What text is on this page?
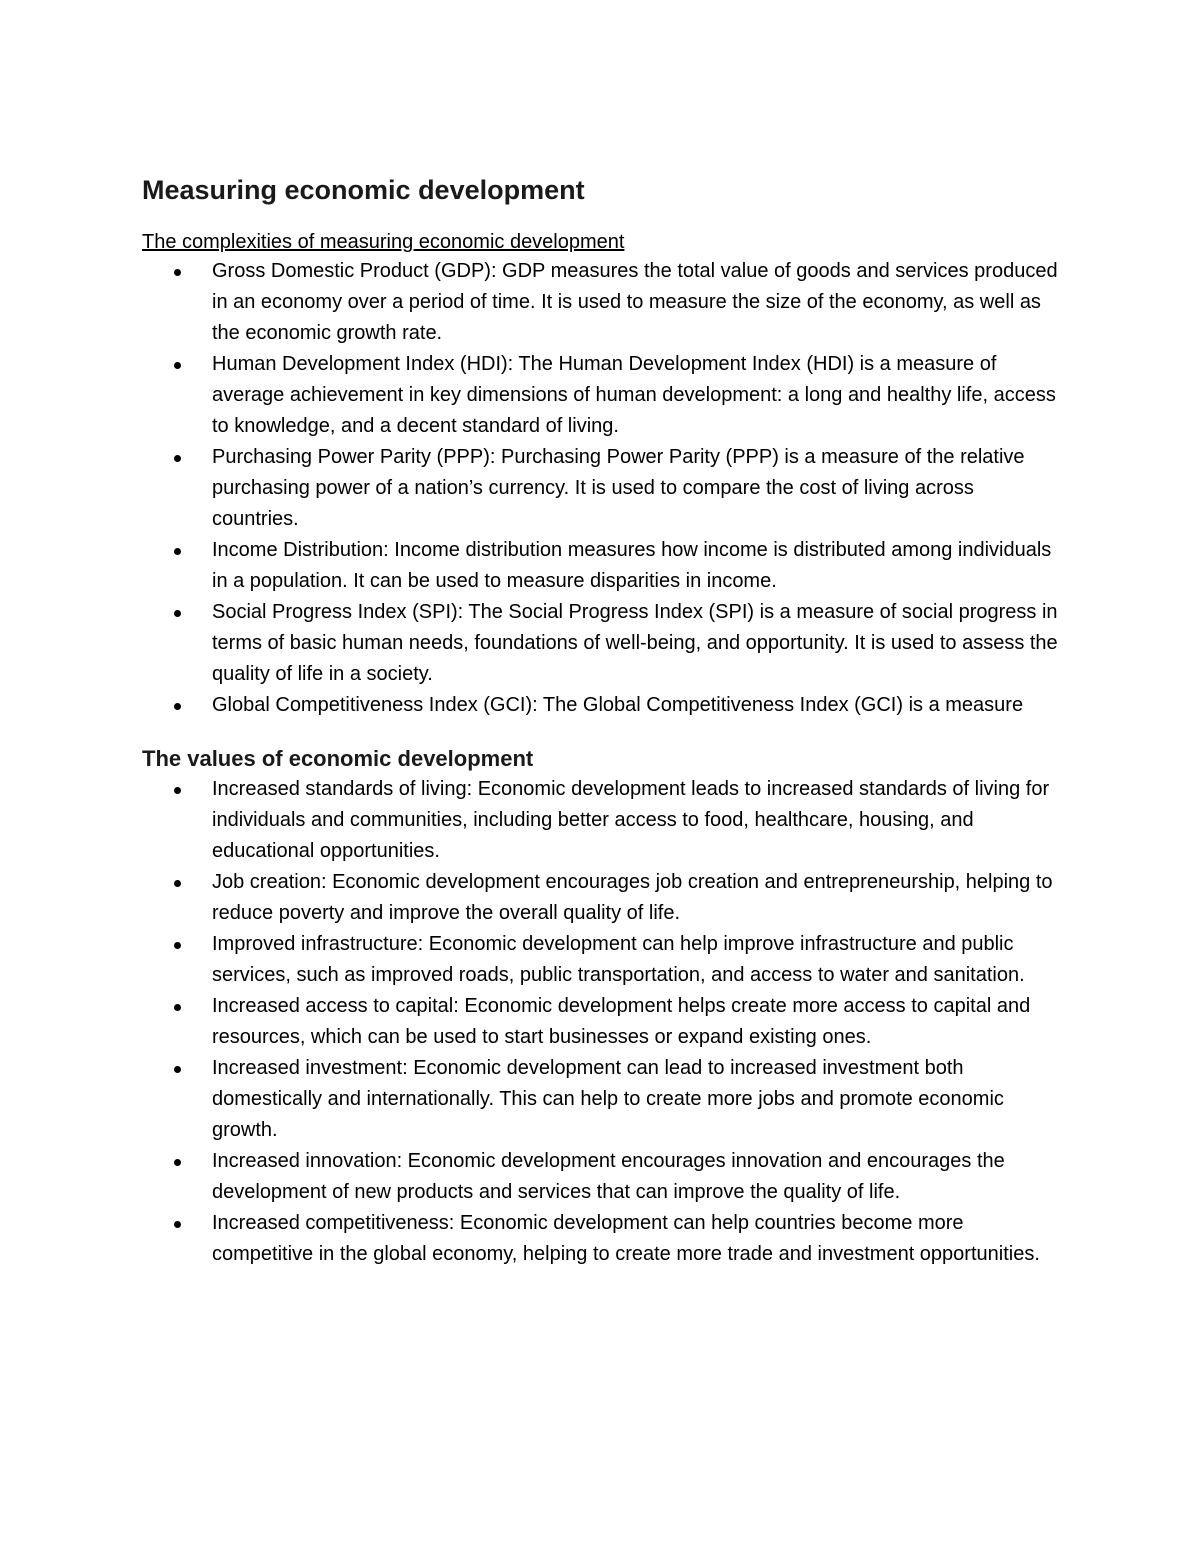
Measuring economic development
The complexities of measuring economic development
Gross Domestic Product (GDP): GDP measures the total value of goods and services produced in an economy over a period of time. It is used to measure the size of the economy, as well as the economic growth rate.
Human Development Index (HDI): The Human Development Index (HDI) is a measure of average achievement in key dimensions of human development: a long and healthy life, access to knowledge, and a decent standard of living.
Purchasing Power Parity (PPP): Purchasing Power Parity (PPP) is a measure of the relative purchasing power of a nation’s currency. It is used to compare the cost of living across countries.
Income Distribution: Income distribution measures how income is distributed among individuals in a population. It can be used to measure disparities in income.
Social Progress Index (SPI): The Social Progress Index (SPI) is a measure of social progress in terms of basic human needs, foundations of well-being, and opportunity. It is used to assess the quality of life in a society.
Global Competitiveness Index (GCI): The Global Competitiveness Index (GCI) is a measure
The values of economic development
Increased standards of living: Economic development leads to increased standards of living for individuals and communities, including better access to food, healthcare, housing, and educational opportunities.
Job creation: Economic development encourages job creation and entrepreneurship, helping to reduce poverty and improve the overall quality of life.
Improved infrastructure: Economic development can help improve infrastructure and public services, such as improved roads, public transportation, and access to water and sanitation.
Increased access to capital: Economic development helps create more access to capital and resources, which can be used to start businesses or expand existing ones.
Increased investment: Economic development can lead to increased investment both domestically and internationally. This can help to create more jobs and promote economic growth.
Increased innovation: Economic development encourages innovation and encourages the development of new products and services that can improve the quality of life.
Increased competitiveness: Economic development can help countries become more competitive in the global economy, helping to create more trade and investment opportunities.
